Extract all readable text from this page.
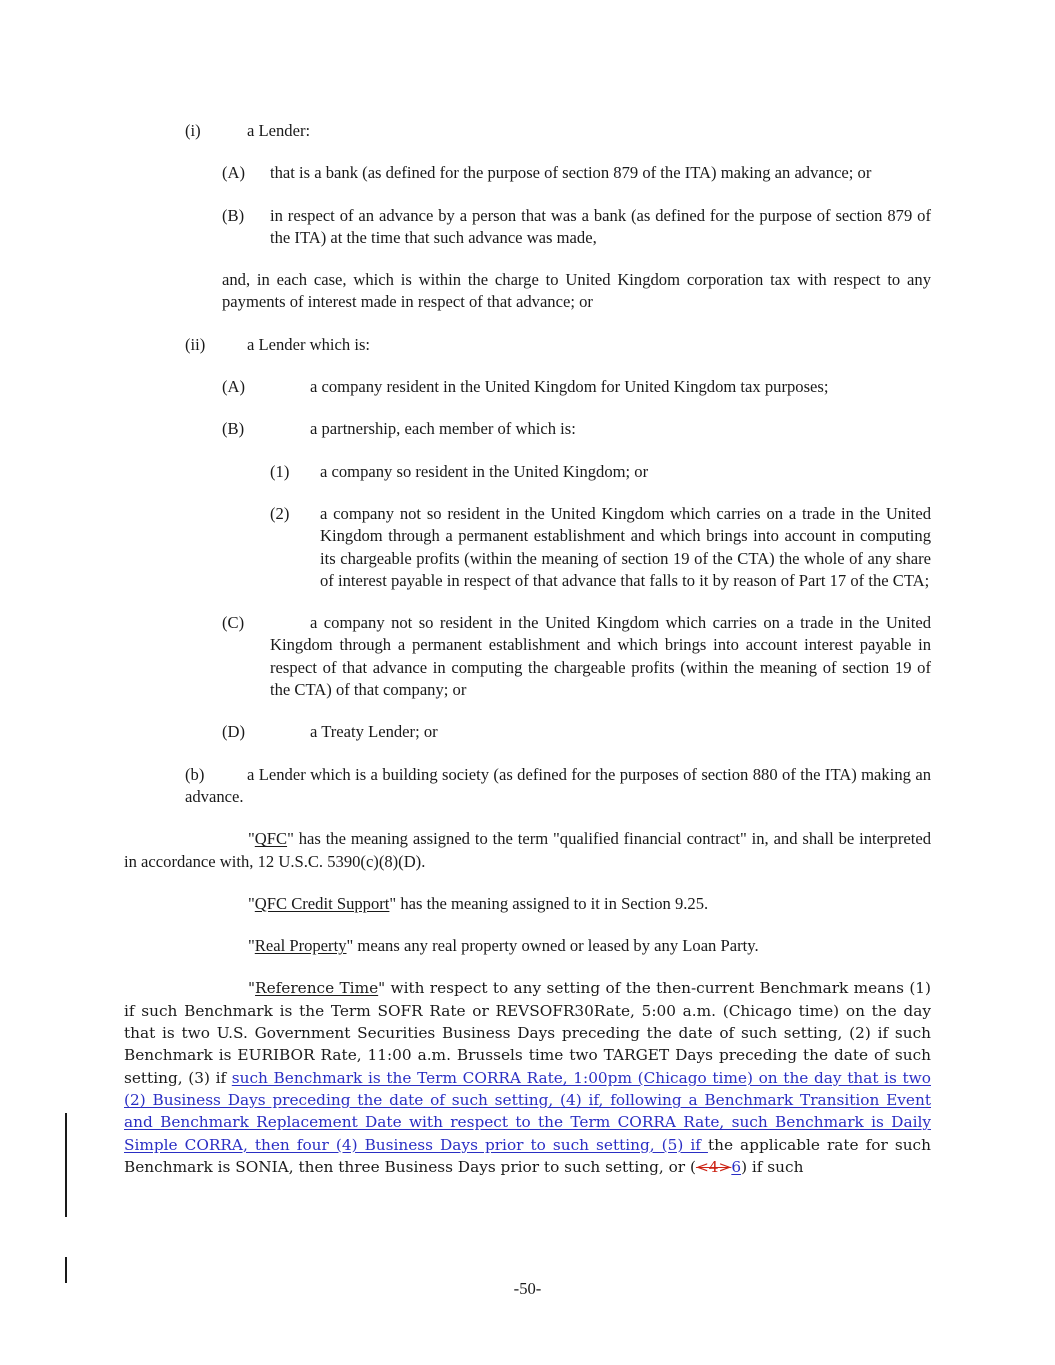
(i)	a Lender:
(A) that is a bank (as defined for the purpose of section 879 of the ITA) making an advance; or
(B) in respect of an advance by a person that was a bank (as defined for the purpose of section 879 of the ITA) at the time that such advance was made,
and, in each case, which is within the charge to United Kingdom corporation tax with respect to any payments of interest made in respect of that advance; or
(ii)	a Lender which is:
(A)	a company resident in the United Kingdom for United Kingdom tax purposes;
(B)	a partnership, each member of which is:
(1) a company so resident in the United Kingdom; or
(2) a company not so resident in the United Kingdom which carries on a trade in the United Kingdom through a permanent establishment and which brings into account in computing its chargeable profits (within the meaning of section 19 of the CTA) the whole of any share of interest payable in respect of that advance that falls to it by reason of Part 17 of the CTA;
(C)	a company not so resident in the United Kingdom which carries on a trade in the United Kingdom through a permanent establishment and which brings into account interest payable in respect of that advance in computing the chargeable profits (within the meaning of section 19 of the CTA) of that company; or
(D)	a Treaty Lender; or
(b)	a Lender which is a building society (as defined for the purposes of section 880 of the ITA) making an advance.
"QFC" has the meaning assigned to the term "qualified financial contract" in, and shall be interpreted in accordance with, 12 U.S.C. 5390(c)(8)(D).
"QFC Credit Support" has the meaning assigned to it in Section 9.25.
"Real Property" means any real property owned or leased by any Loan Party.
"Reference Time" with respect to any setting of the then-current Benchmark means (1) if such Benchmark is the Term SOFR Rate or REVSOFR30Rate, 5:00 a.m. (Chicago time) on the day that is two U.S. Government Securities Business Days preceding the date of such setting, (2) if such Benchmark is EURIBOR Rate, 11:00 a.m. Brussels time two TARGET Days preceding the date of such setting, (3) if such Benchmark is the Term CORRA Rate, 1:00pm (Chicago time) on the day that is two (2) Business Days preceding the date of such setting, (4) if, following a Benchmark Transition Event and Benchmark Replacement Date with respect to the Term CORRA Rate, such Benchmark is Daily Simple CORRA, then four (4) Business Days prior to such setting, (5) if the applicable rate for such Benchmark is SONIA, then three Business Days prior to such setting, or (<4>6) if such
-50-
